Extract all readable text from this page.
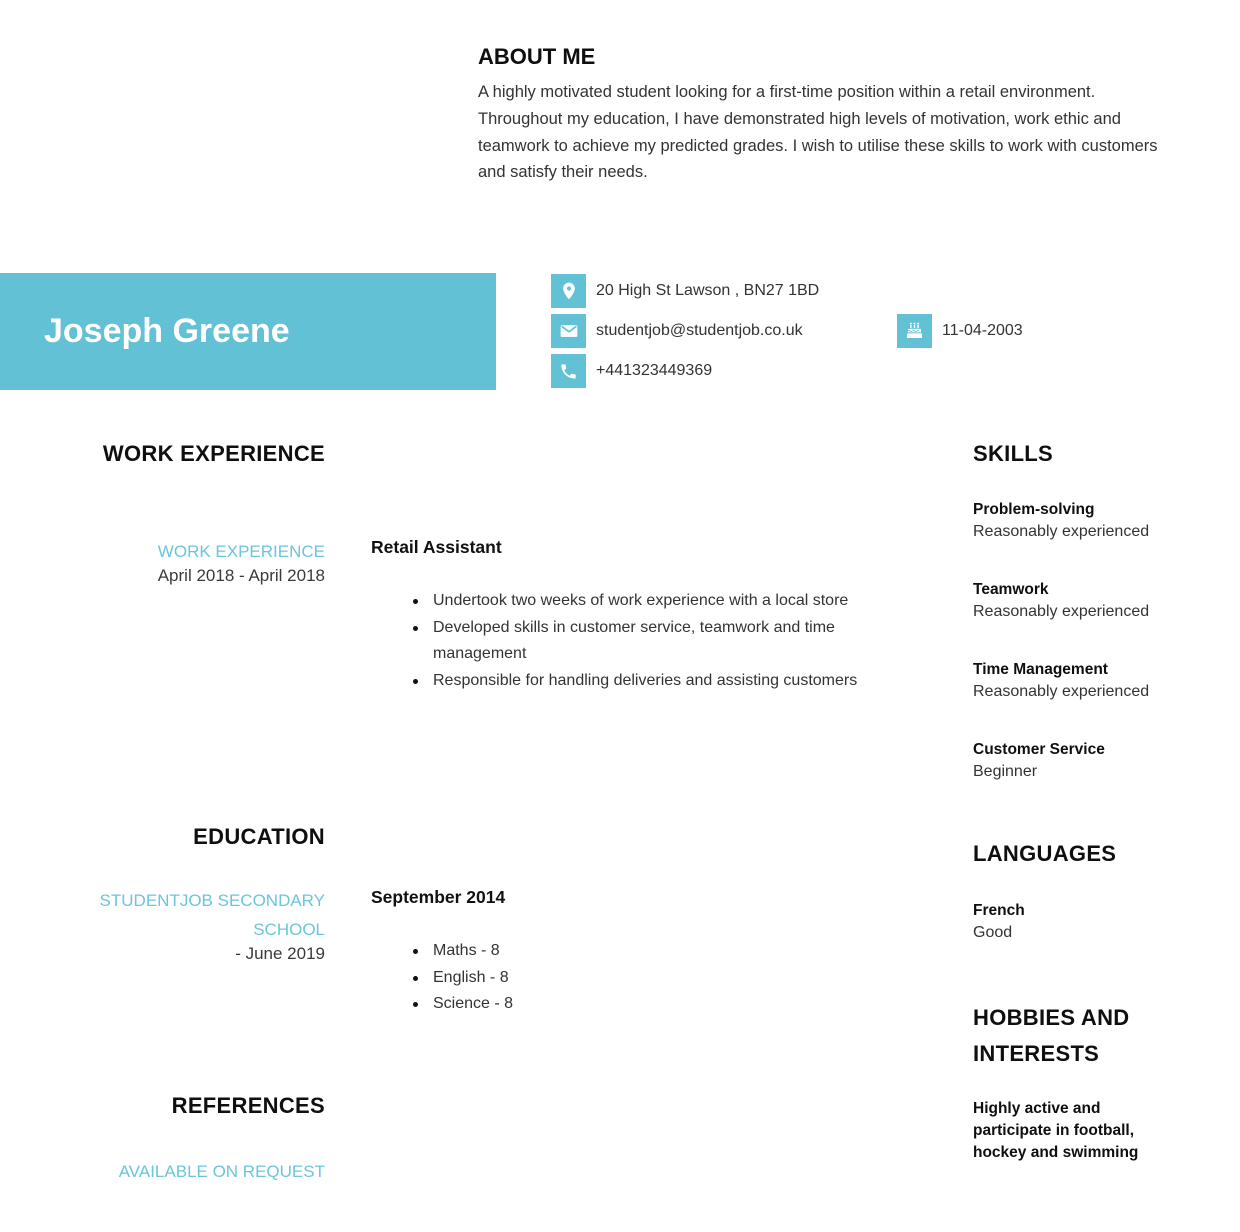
ABOUT ME

A highly motivated student looking for a first-time position within a retail environment. Throughout my education, I have demonstrated high levels of motivation, work ethic and teamwork to achieve my predicted grades. I wish to utilise these skills to work with customers and satisfy their needs.

Joseph Greene
20 High St Lawson , BN27 1BD
studentjob@studentjob.co.uk
+441323449369
11-04-2003
WORK EXPERIENCE
WORK EXPERIENCE
April 2018 - April 2018
Retail Assistant
Undertook two weeks of work experience with a local store
Developed skills in customer service, teamwork and time management
Responsible for handling deliveries and assisting customers
EDUCATION
STUDENTJOB SECONDARY SCHOOL
- June 2019
September 2014
Maths - 8
English - 8
Science - 8
REFERENCES
AVAILABLE ON REQUEST
SKILLS
Problem-solving
Reasonably experienced
Teamwork
Reasonably experienced
Time Management
Reasonably experienced
Customer Service
Beginner
LANGUAGES
French
Good
HOBBIES AND INTERESTS
Highly active and participate in football, hockey and swimming
